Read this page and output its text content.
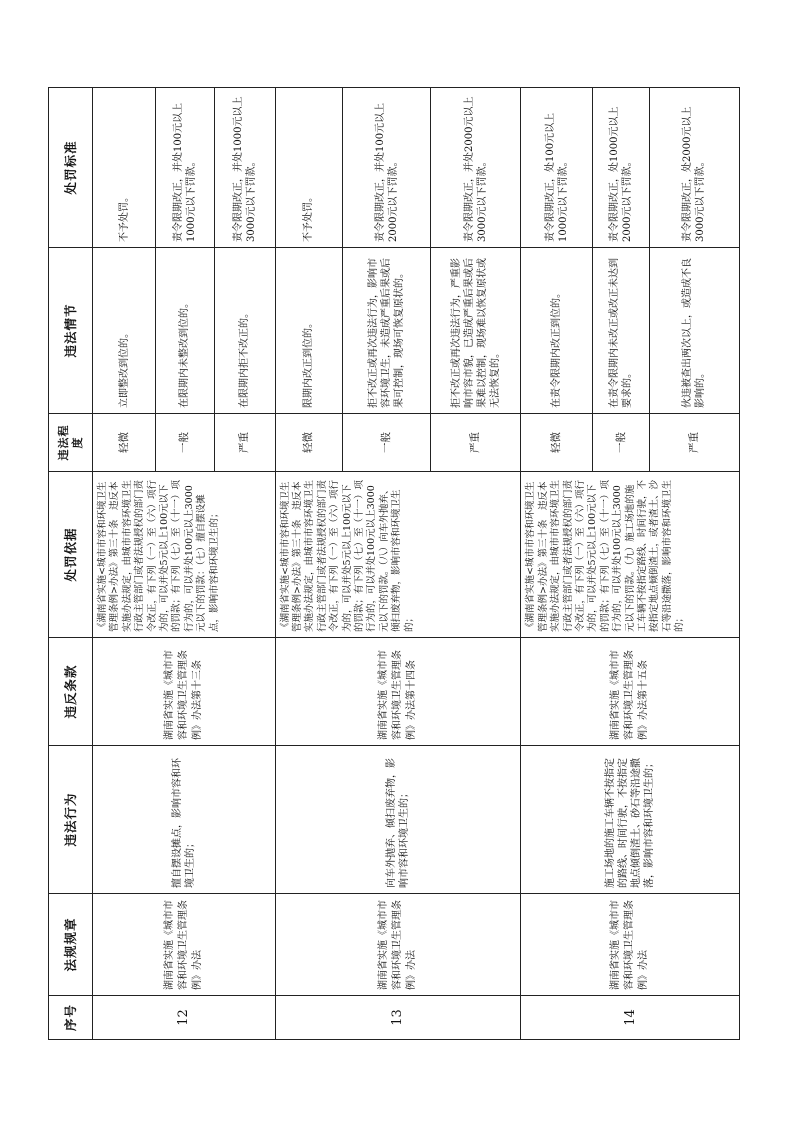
序号	法规规章	违法行为	违反条款	处罚依据	违法程度	违法情节	处罚标准
12	湖南省实施《城市市容和环境卫生管理条例》办法	擅自摆设摊点，影响市容和环境卫生的；	湖南省实施《城市市容和环境卫生管理条例》办法第十三条	《湖南省实施<城市市容和环境卫生管理条例>办法》第三十条　违反本实施办法规定，由城市市容环境卫生行政主管部门或者法规授权的部门责令改正，有下列（一）至（六）项行为的，可以并处5元以上100元以下的罚款；有下列（七）至（十一）项行为的，可以并处100元以上3000元以下的罚款：（七）擅自摆设摊点，影响市容和环境卫生的；	轻微	立即整改到位的。	不予处罚。
					一般	在限期内未整改到位的。	责令限期改正，并处100元以上1000元以下罚款。
					严重	在限期内拒不改正的。	责令限期改正，并处1000元以上3000元以下罚款。
13	湖南省实施《城市市容和环境卫生管理条例》办法	向车外抛弃、倾扫废弃物，影响市容和环境卫生的；	湖南省实施《城市市容和环境卫生管理条例》办法第十四条	《湖南省实施<城市市容和环境卫生管理条例>办法》第三十条　违反本实施办法规定，由城市市容环境卫生行政主管部门或者法规授权的部门责令改正，有下列（一）至（六）项行为的，可以并处5元以上100元以下的罚款；有下列（七）至（十一）项行为的，可以并处100元以上3000元以下的罚款。（八）向车外抛弃、倾扫废弃物，影响市容和环境卫生的；	轻微	限期内改正到位的。	不予处罚。
					一般	拒不改正或再次违法行为，影响市容环境卫生，未造成严重后果或后果可控制，现场可恢复原状的。	责令限期改正，并处100元以上2000元以下罚款。
					严重	拒不改正或再次违法行为，严重影响市容市貌，已造成严重后果或后果难以控制，现场难以恢复原状或无法恢复的。	责令限期改正，并处2000元以上3000元以下罚款。
14	湖南省实施《城市市容和环境卫生管理条例》办法	施工场地的施工车辆不按指定的路线、时间行驶，不按指定地点倾倒渣土、砂石等沿途撒落，影响市容和环境卫生的；	湖南省实施《城市市容和环境卫生管理条例》办法第十五条	《湖南省实施<城市市容和环境卫生管理条例>办法》第三十条　违反本实施办法规定，由城市市容环境卫生行政主管部门或者法规授权的部门责令改正，有下列（一）至（六）项行为的，可以并处5元以上100元以下的罚款；有下列（七）至（十一）项行为的，可以并处100元以上3000元以下的罚款。（九）施工场地的施工车辆不按指定路线、时间行驶，不按指定地点倾倒渣土，或者渣土、沙石等沿途撒落，影响市容和环境卫生的；	轻微	在责令限期内改正到位的。	责令限期改正，处100元以上1000元以下罚款。
					一般	在责令限期内未改正或改正未达到要求的。	责令限期改正，处1000元以上2000元以下罚款。
					严重	伙违被查出两次以上，或造成不良影响的。	责令限期改正，处2000元以上3000元以下罚款。
